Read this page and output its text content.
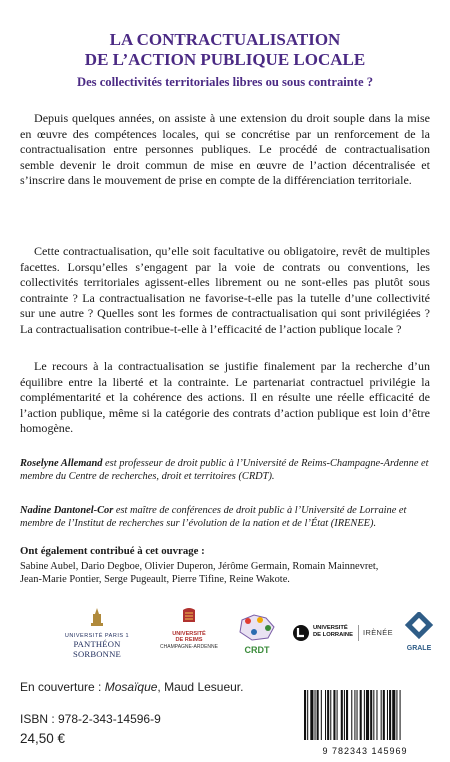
LA CONTRACTUALISATION
DE L’ACTION PUBLIQUE LOCALE
Des collectivités territoriales libres ou sous contrainte ?

Depuis quelques années, on assiste à une extension du droit souple dans la mise en œuvre des compétences locales, qui se concrétise par un renforcement de la contractualisation entre personnes publiques. Le procédé de contractualisation semble devenir le droit commun de mise en œuvre de l’action décentralisée et s’inscrire dans le mouvement de prise en compte de la différenciation territoriale.

Cette contractualisation, qu’elle soit facultative ou obligatoire, revêt de multiples facettes. Lorsqu’elles s’engagent par la voie de contrats ou conventions, les collectivités territoriales agissent-elles librement ou ne sont-elles pas plutôt sous contrainte ? La contractualisation ne favorise-t-elle pas la tutelle d’une collectivité sur une autre ? Quelles sont les formes de contractualisation qui sont privilégiées ? La contractualisation contribue-t-elle à l’efficacité de l’action publique locale ?

Le recours à la contractualisation se justifie finalement par la recherche d’un équilibre entre la liberté et la contrainte. Le partenariat contractuel privilégie la complémentarité et la cohérence des actions. Il en résulte une réelle efficacité de l’action publique, même si la catégorie des contrats d’action publique est loin d’être homogène.

Roselyne Allemand est professeur de droit public à l’Université de Reims-Champagne-Ardenne et membre du Centre de recherches, droit et territoires (CRDT).
Nadine Dantonel-Cor est maître de conférences de droit public à l’Université de Lorraine et membre de l’Institut de recherches sur l’évolution de la nation et de l’État (IRENEE).
Ont également contribué à cet ouvrage :
Sabine Aubel, Dario Degboe, Olivier Duperon, Jérôme Germain, Romain Mainnevret,
Jean-Marie Pontier, Serge Pugeault, Pierre Tifine, Reine Wakote.
UNIVERSITÉ PARIS 1
PANTHÉON SORBONNE
UNIVERSITÉ
DE REIMS
CHAMPAGNE-ARDENNE	CRDT
UNIVERSITÉ
DE LORRAINE IRÈNÉE
GRALE
En couverture : Mosaïque, Maud Lesueur.
ISBN : 978-2-343-14596-9
24,50 €
9 782343 145969
